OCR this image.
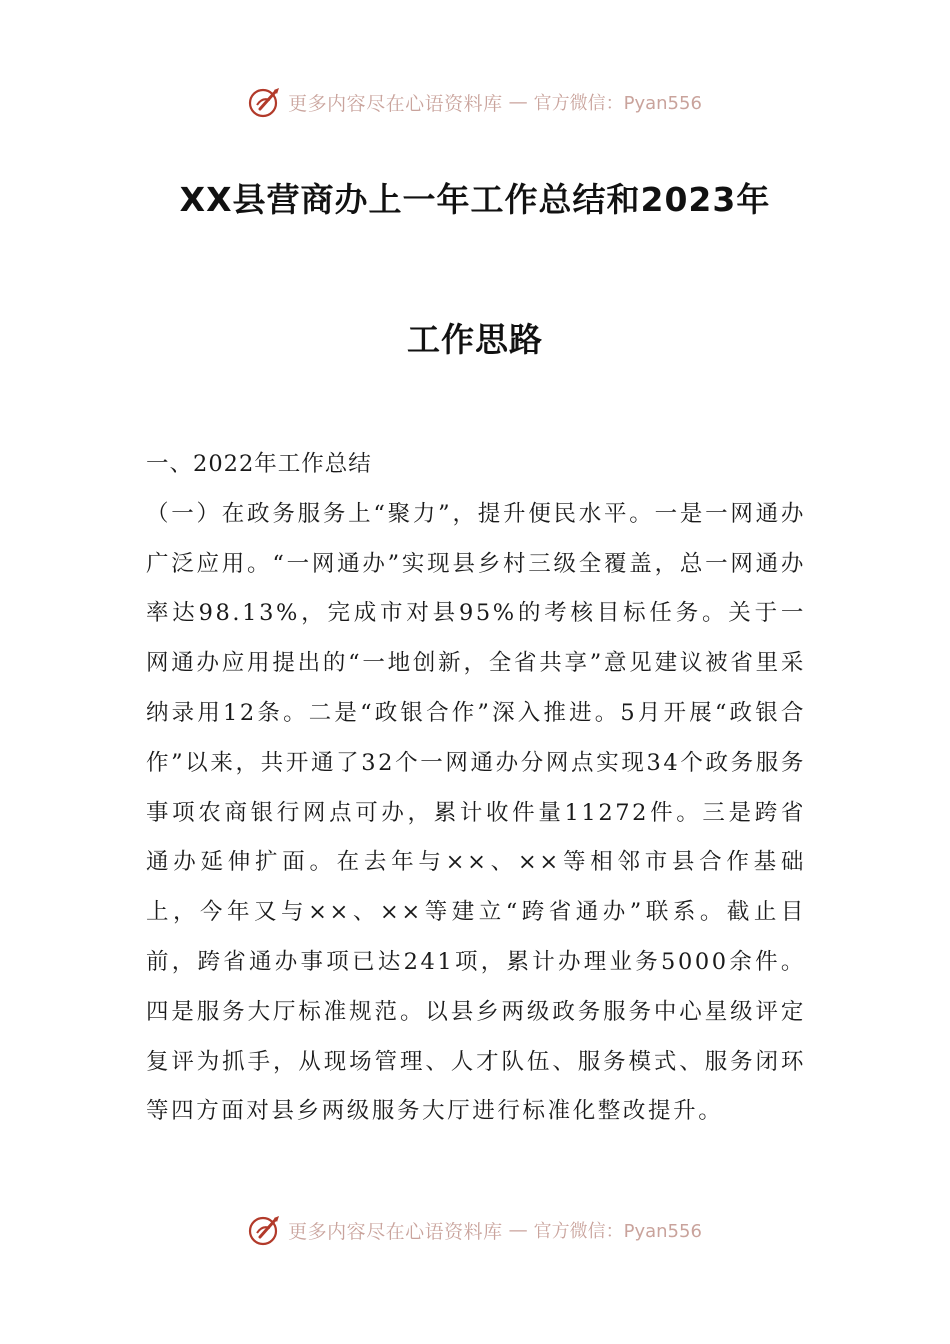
更多内容尽在心语资料库 — 官方微信：Pyan556
XX县营商办上一年工作总结和2023年
工作思路

一、2022年工作总结

（一）在政务服务上“聚力”，提升便民水平。一是一网通办广泛应用。“一网通办”实现县乡村三级全覆盖，总一网通办率达98.13%，完成市对县95%的考核目标任务。关于一网通办应用提出的“一地创新，全省共享”意见建议被省里采纳录用12条。二是“政银合作”深入推进。5月开展“政银合作”以来，共开通了32个一网通办分网点实现34个政务服务事项农商银行网点可办，累计收件量11272件。三是跨省通办延伸扩面。在去年与××、××等相邻市县合作基础上，今年又与××、××等建立“跨省通办”联系。截止目前，跨省通办事项已达241项，累计办理业务5000余件。四是服务大厅标准规范。以县乡两级政务服务中心星级评定复评为抓手，从现场管理、人才队伍、服务模式、服务闭环等四方面对县乡两级服务大厅进行标准化整改提升。

更多内容尽在心语资料库 — 官方微信：Pyan556
